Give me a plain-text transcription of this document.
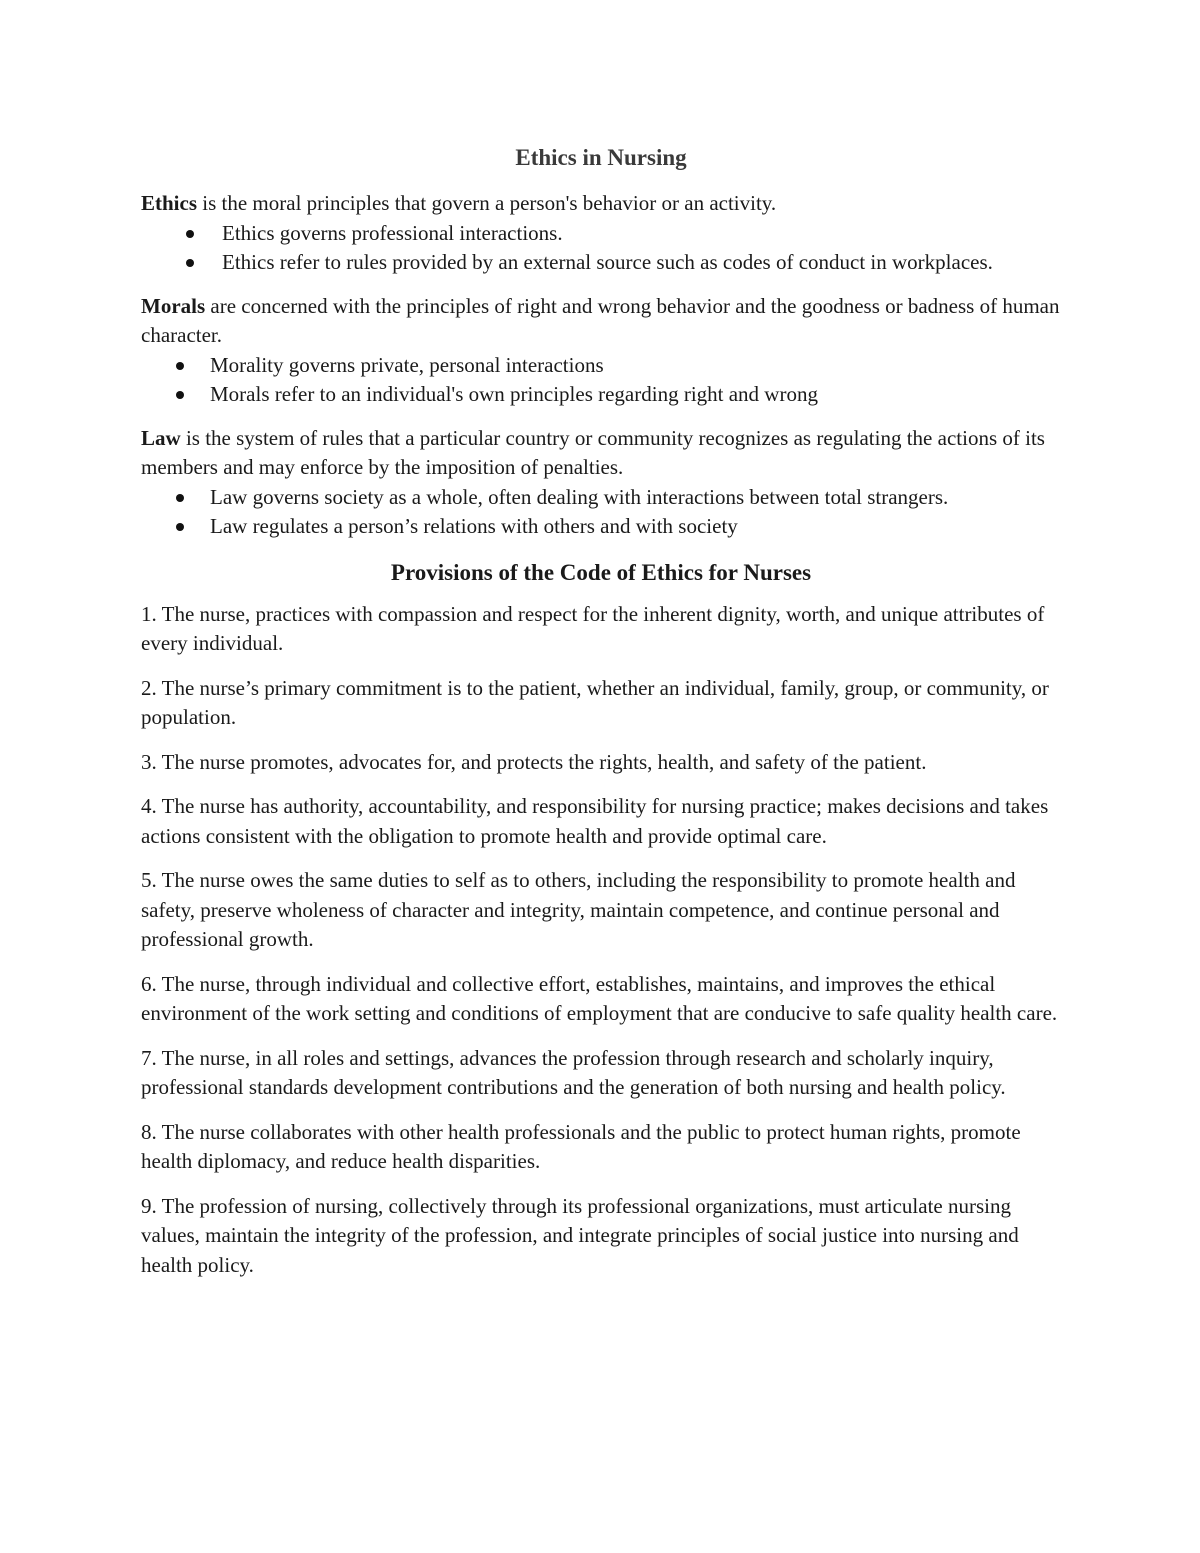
Ethics in Nursing

Ethics is the moral principles that govern a person's behavior or an activity.

Ethics governs professional interactions.
Ethics refer to rules provided by an external source such as codes of conduct in workplaces.

Morals are concerned with the principles of right and wrong behavior and the goodness or badness of human character.

Morality governs private, personal interactions
Morals refer to an individual's own principles regarding right and wrong

Law is the system of rules that a particular country or community recognizes as regulating the actions of its members and may enforce by the imposition of penalties.

Law governs society as a whole, often dealing with interactions between total strangers.
Law regulates a person’s relations with others and with society
Provisions of the Code of Ethics for Nurses

1. The nurse, practices with compassion and respect for the inherent dignity, worth, and unique attributes of every individual.

2. The nurse’s primary commitment is to the patient, whether an individual, family, group, or community, or population.

3. The nurse promotes, advocates for, and protects the rights, health, and safety of the patient.

4. The nurse has authority, accountability, and responsibility for nursing practice; makes decisions and takes actions consistent with the obligation to promote health and provide optimal care.

5. The nurse owes the same duties to self as to others, including the responsibility to promote health and safety, preserve wholeness of character and integrity, maintain competence, and continue personal and professional growth.

6. The nurse, through individual and collective effort, establishes, maintains, and improves the ethical environment of the work setting and conditions of employment that are conducive to safe quality health care.

7. The nurse, in all roles and settings, advances the profession through research and scholarly inquiry, professional standards development contributions and the generation of both nursing and health policy.

8. The nurse collaborates with other health professionals and the public to protect human rights, promote health diplomacy, and reduce health disparities.

9. The profession of nursing, collectively through its professional organizations, must articulate nursing values, maintain the integrity of the profession, and integrate principles of social justice into nursing and health policy.
